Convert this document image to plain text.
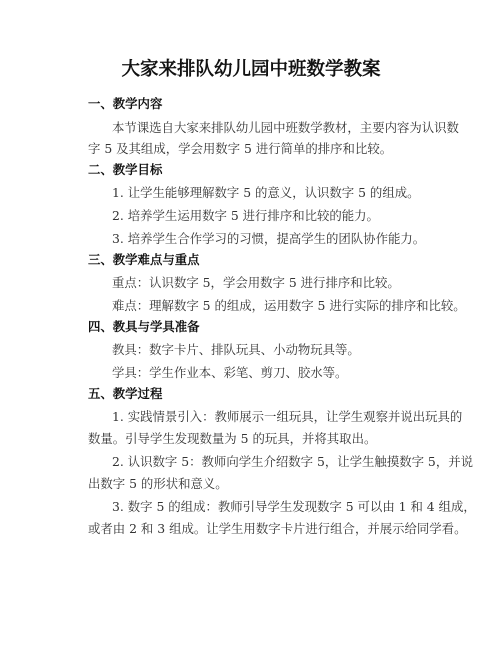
大家来排队幼儿园中班数学教案
一、教学内容
本节课选自大家来排队幼儿园中班数学教材，主要内容为认识数
字 5 及其组成，学会用数字 5 进行简单的排序和比较。
二、教学目标
1. 让学生能够理解数字 5 的意义，认识数字 5 的组成。
2. 培养学生运用数字 5 进行排序和比较的能力。
3. 培养学生合作学习的习惯，提高学生的团队协作能力。
三、教学难点与重点
重点：认识数字 5，学会用数字 5 进行排序和比较。
难点：理解数字 5 的组成，运用数字 5 进行实际的排序和比较。
四、教具与学具准备
教具：数字卡片、排队玩具、小动物玩具等。
学具：学生作业本、彩笔、剪刀、胶水等。
五、教学过程
1. 实践情景引入：教师展示一组玩具，让学生观察并说出玩具的
数量。引导学生发现数量为 5 的玩具，并将其取出。
2. 认识数字 5：教师向学生介绍数字 5，让学生触摸数字 5，并说
出数字 5 的形状和意义。
3. 数字 5 的组成：教师引导学生发现数字 5 可以由 1 和 4 组成，
或者由 2 和 3 组成。让学生用数字卡片进行组合，并展示给同学看。
